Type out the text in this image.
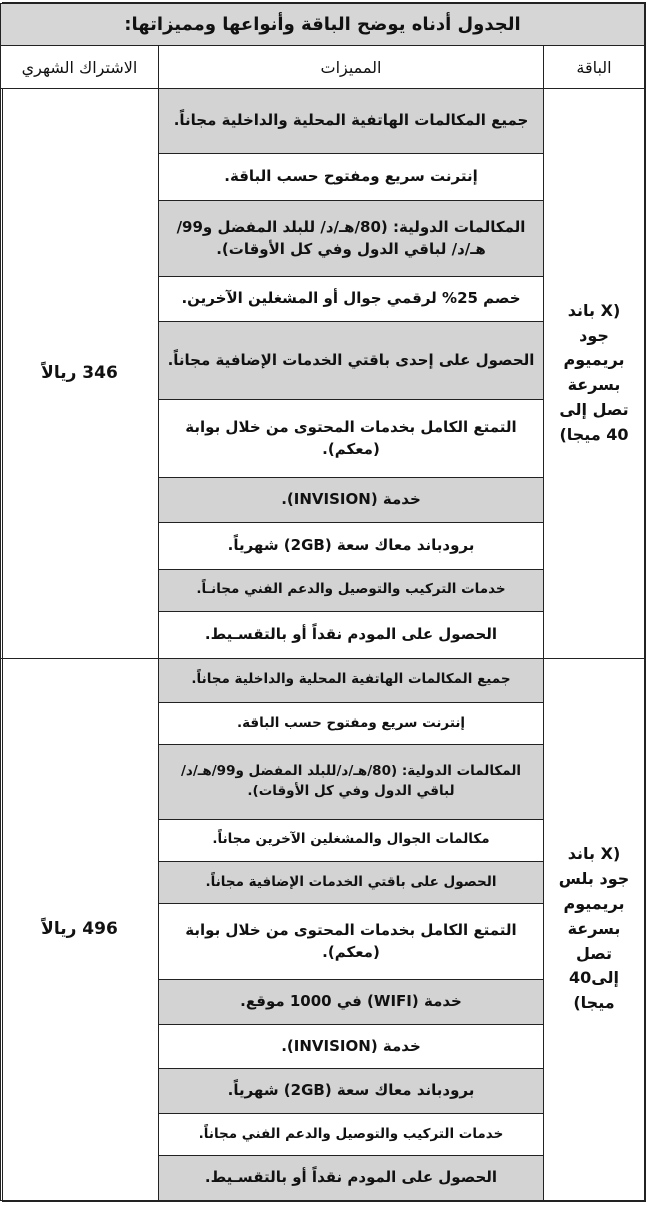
الجدول أدناه يوضح الباقة وأنواعها ومميزاتها:		
الباقة	المميزات	الاشتراك الشهري
(X باند جود بريميوم بسرعة تصل إلى 40 ميجا)	جميع المكالمات الهاتفية المحلية والداخلية مجاناً.	346 ريالاً
	إنترنت سريع ومفتوح حسب الباقة.	
	المكالمات الدولية: (80/هـ/د/ للبلد المفضل و99/هـ/د/ لباقي الدول وفي كل الأوقات).	
	خصم 25% لرقمي جوال أو المشغلين الآخرين.	
	الحصول على إحدى باقتي الخدمات الإضافية مجاناً.	
	التمتع الكامل بخدمات المحتوى من خلال بوابة (معكم).	
	خدمة (INVISION).	
	برودباند معاك سعة (2GB) شهرياً.	
	خدمات التركيب والتوصيل والدعم الفني مجانـاً.	
	الحصول على المودم نقداً أو بالتقسـيط.	
(X باند جود بلس بريميوم بسرعة تصل إلى40 ميجا)	جميع المكالمات الهاتفية المحلية والداخلية مجاناً.	496 ريالاً
	إنترنت سريع ومفتوح حسب الباقة.	
	المكالمات الدولية: (80/هـ/د/للبلد المفضل و99/هـ/د/ لباقي الدول وفي كل الأوقات).	
	مكالمات الجوال والمشغلين الآخرين مجاناً.	
	الحصول على باقتي الخدمات الإضافية مجاناً.	
	التمتع الكامل بخدمات المحتوى من خلال بوابة (معكم).	
	خدمة (WIFI) في 1000 موقع.	
	خدمة (INVISION).	
	برودباند معاك سعة (2GB) شهرياً.	
	خدمات التركيب والتوصيل والدعم الفني مجاناً.	
	الحصول على المودم نقداً أو بالتقسـيط.	
